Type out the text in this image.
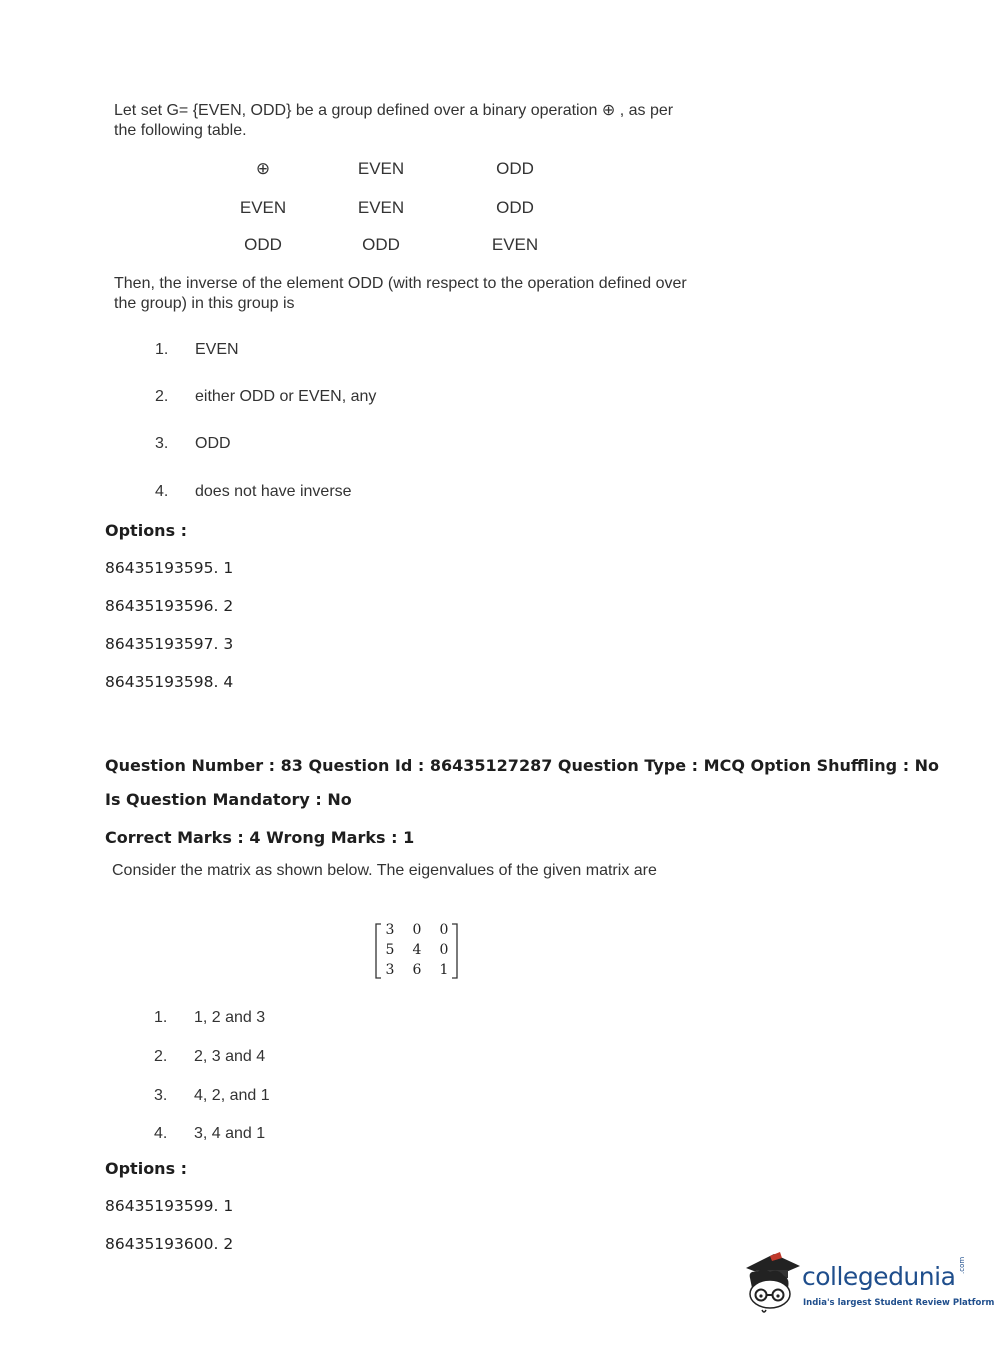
Let set G= {EVEN, ODD} be a group defined over a binary operation ⊕ , as per
the following table.
⊕	EVEN	ODD
EVEN	EVEN	ODD
ODD	ODD	EVEN
Then, the inverse of the element ODD (with respect to the operation defined over
the group) in this group is
1. EVEN
2. either ODD or EVEN, any
3. ODD
4. does not have inverse
Options :
86435193595. 1
86435193596. 2
86435193597. 3
86435193598. 4
Question Number : 83 Question Id : 86435127287 Question Type : MCQ Option Shuffling : No
Is Question Mandatory : No
Correct Marks : 4 Wrong Marks : 1
Consider the matrix as shown below. The eigenvalues of the given matrix are
3 0 0
5 4 0
3 6 1
1. 1, 2 and 3
2. 2, 3 and 4
3. 4, 2, and 1
4. 3, 4 and 1
Options :
86435193599. 1
86435193600. 2
collegedunia .com
India's largest Student Review Platform
